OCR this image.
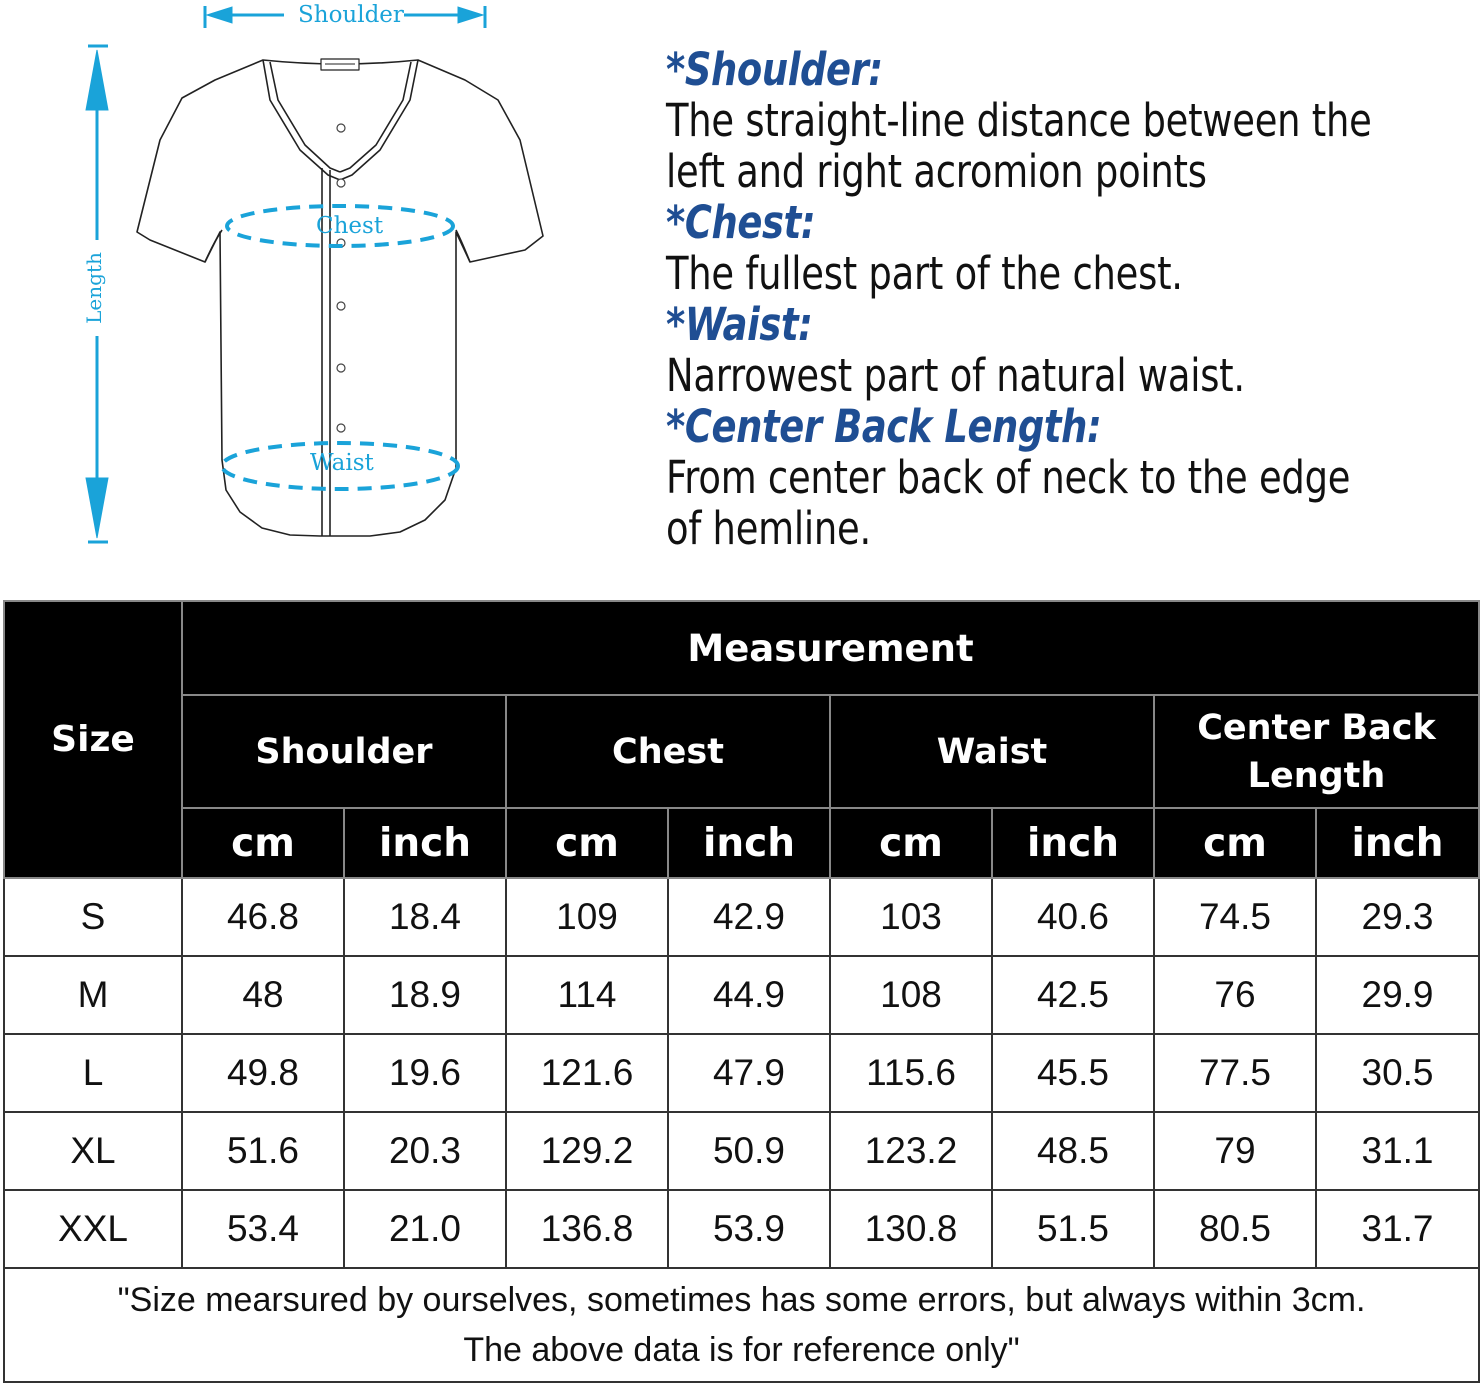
Shoulder
Chest
Waist
Length
*Shoulder:
The straight-line distance between the
left and right acromion points
*Chest:
The fullest part of the chest.
*Waist:
Narrowest part of natural waist.
*Center Back Length:
From center back of neck to the edge
of hemline.
Size	Measurement							
	Shoulder		Chest		Waist		Center Back
Length	

	cm	inch	cm	inch	cm	inch	cm	inch
S	46.8	18.4	109	42.9	103	40.6	74.5	29.3
M	48	18.9	114	44.9	108	42.5	76	29.9
L	49.8	19.6	121.6	47.9	115.6	45.5	77.5	30.5
XL	51.6	20.3	129.2	50.9	123.2	48.5	79	31.1
XXL	53.4	21.0	136.8	53.9	130.8	51.5	80.5	31.7

"Size mearsured by ourselves, sometimes has some errors, but always within 3cm.
The above data is for reference only"								
